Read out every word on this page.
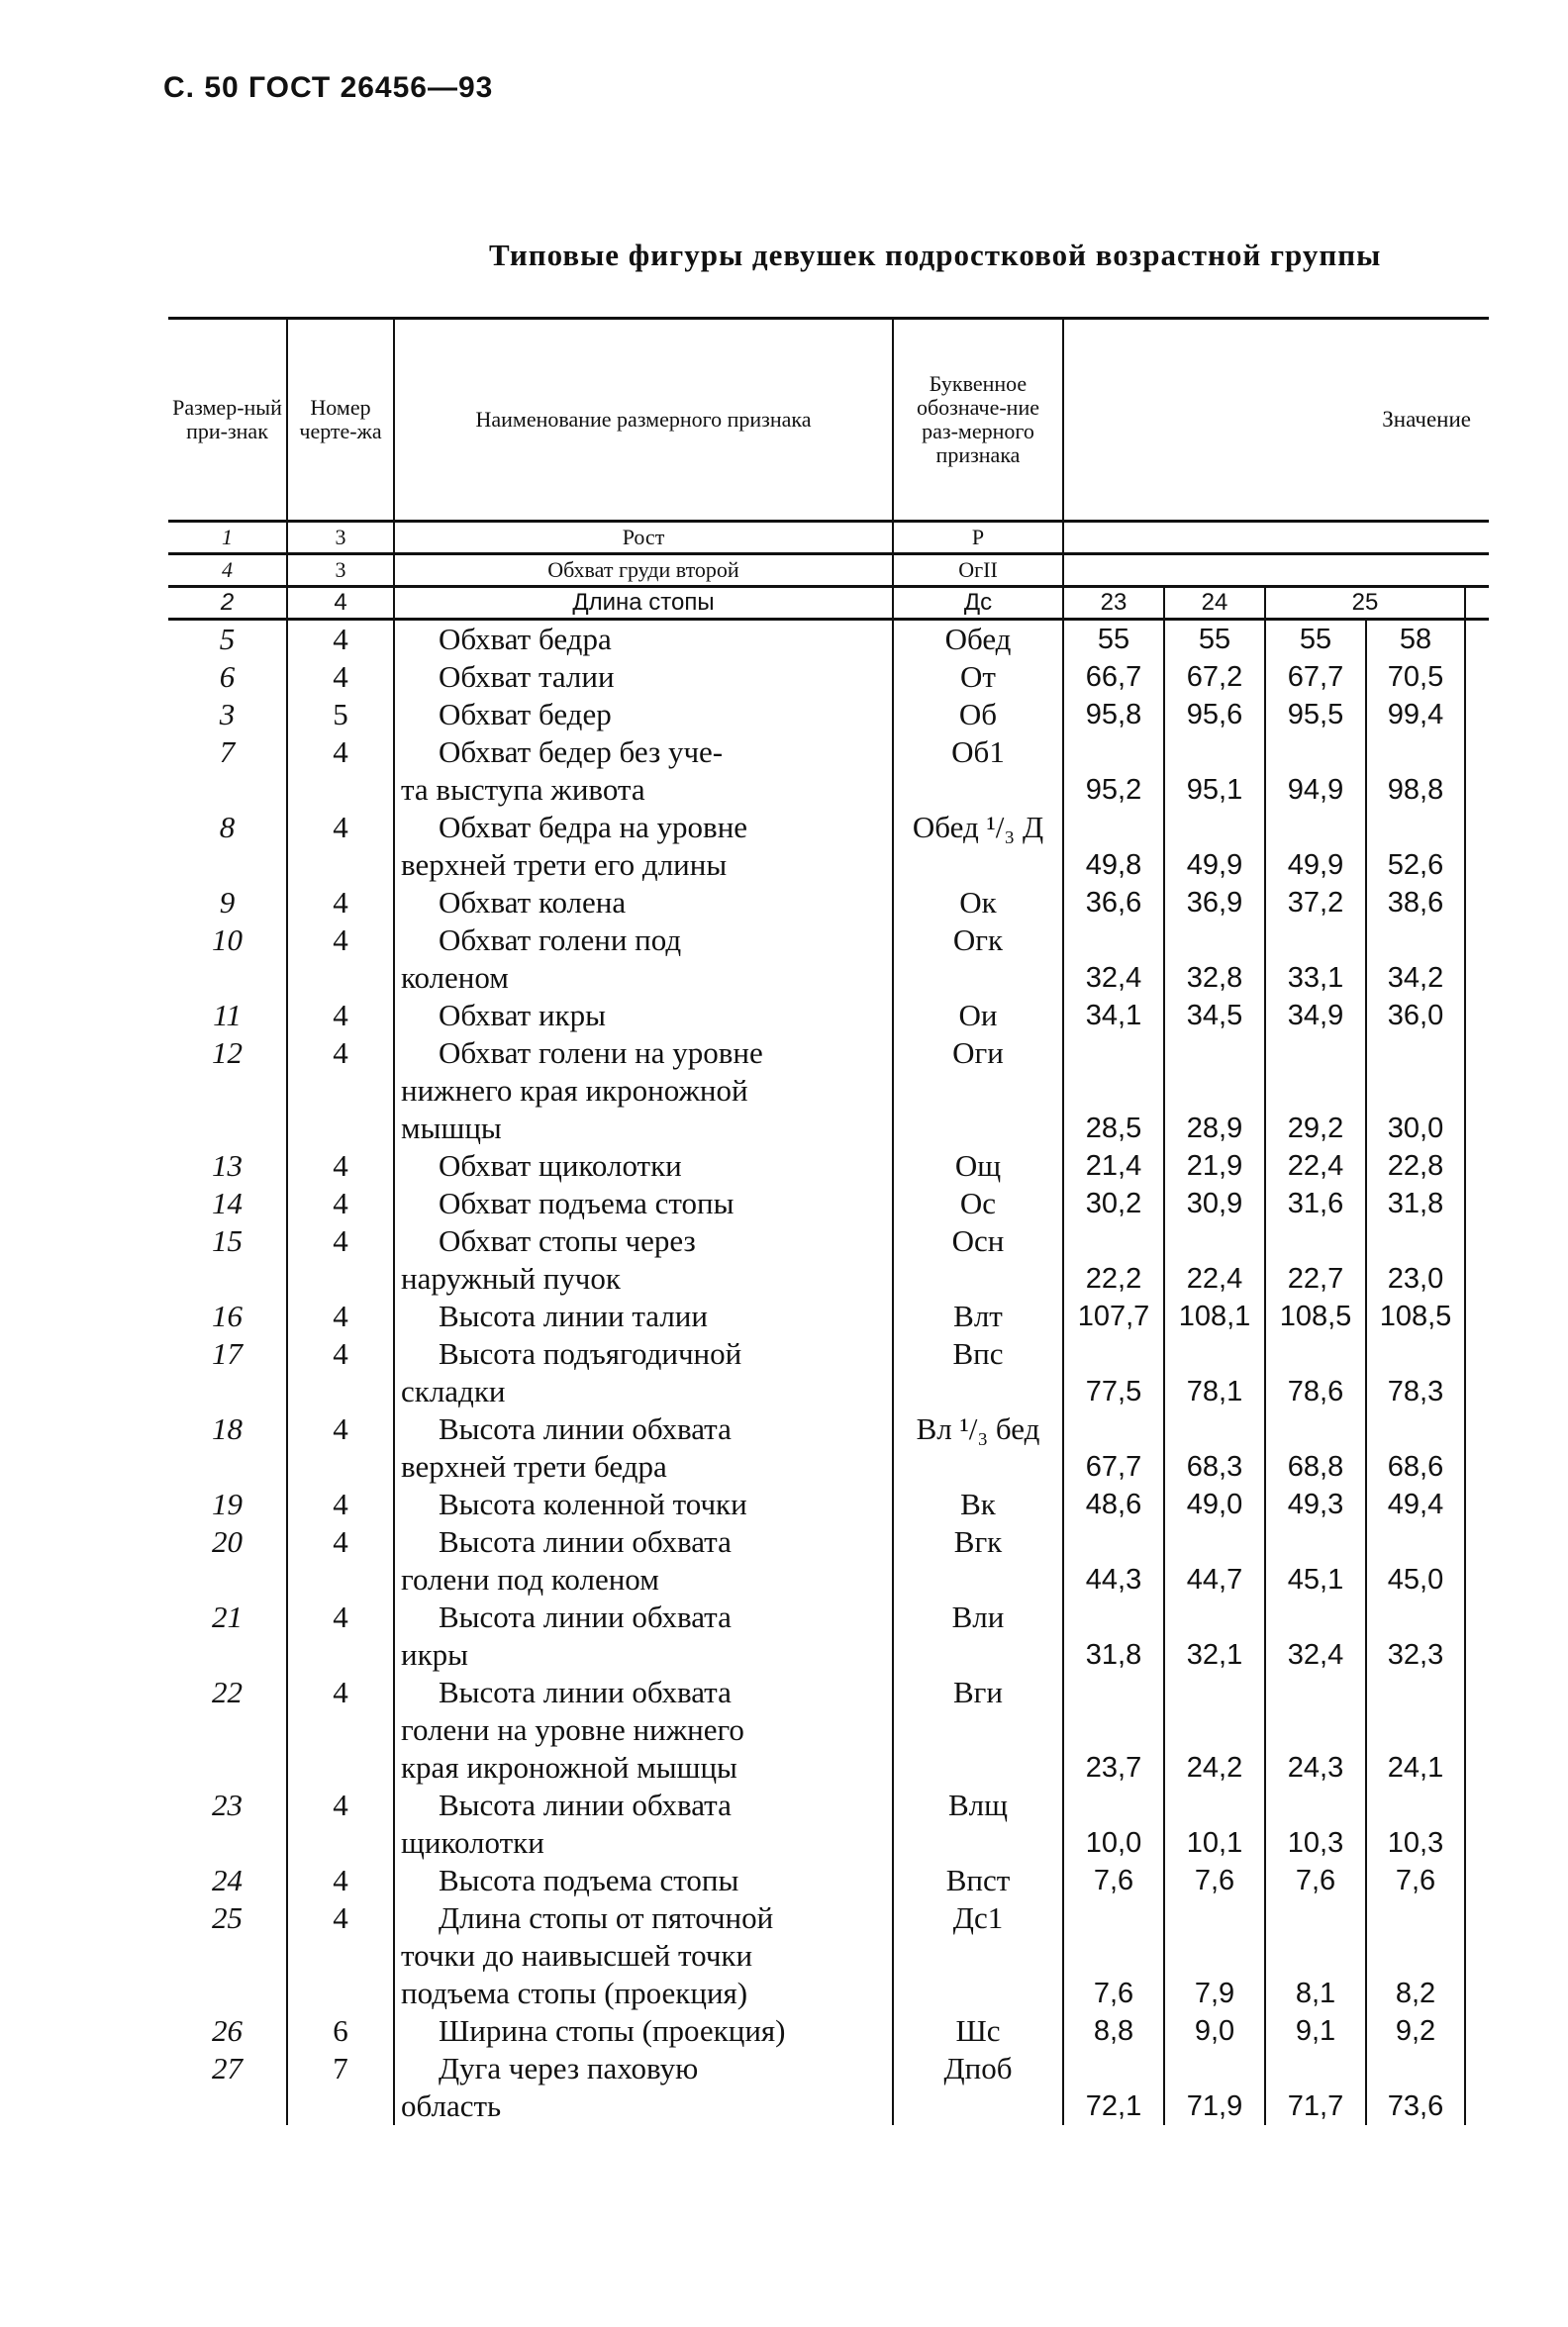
С. 50 ГОСТ 26456—93
Типовые фигуры девушек подростковой возрастной группы
Размер-ный при-знак	Номер черте-жа	Наименование размерного признака	Буквенное обозначе-ние раз-мерного признака	Значение				
1	3	Рост	Р					
4	3	Обхват груди второй	ОгII					
2	4	Длина стопы	Дс	23	24	25		
5	4	Обхват бедра	Обед	55	55	55	58	
6	4	Обхват талии	От	66,7	67,2	67,7	70,5	
3	5	Обхват бедер	Об	95,8	95,6	95,5	99,4	
7	4	Обхват бедер без уче-	Об1					
		та выступа живота		95,2	95,1	94,9	98,8	
8	4	Обхват бедра на уровне	Обед ¹/₃ Д					
		верхней трети его длины		49,8	49,9	49,9	52,6	
9	4	Обхват колена	Ок	36,6	36,9	37,2	38,6	
10	4	Обхват голени под	Огк					
		коленом		32,4	32,8	33,1	34,2	
11	4	Обхват икры	Ои	34,1	34,5	34,9	36,0	
12	4	Обхват голени на уровне	Оги					
		нижнего края икроножной						
		мышцы		28,5	28,9	29,2	30,0	
13	4	Обхват щиколотки	Ощ	21,4	21,9	22,4	22,8	
14	4	Обхват подъема стопы	Ос	30,2	30,9	31,6	31,8	
15	4	Обхват стопы через	Осн					
		наружный пучок		22,2	22,4	22,7	23,0	
16	4	Высота линии талии	Влт	107,7	108,1	108,5	108,5	
17	4	Высота подъягодичной	Впс					
		складки		77,5	78,1	78,6	78,3	
18	4	Высота линии обхвата	Вл ¹/₃ бед					
		верхней трети бедра		67,7	68,3	68,8	68,6	
19	4	Высота коленной точки	Вк	48,6	49,0	49,3	49,4	
20	4	Высота линии обхвата	Вгк					
		голени под коленом		44,3	44,7	45,1	45,0	
21	4	Высота линии обхвата	Вли					
		икры		31,8	32,1	32,4	32,3	
22	4	Высота линии обхвата	Вги					
		голени на уровне нижнего						
		края икроножной мышцы		23,7	24,2	24,3	24,1	
23	4	Высота линии обхвата	Влщ					
		щиколотки		10,0	10,1	10,3	10,3	
24	4	Высота подъема стопы	Впст	7,6	7,6	7,6	7,6	
25	4	Длина стопы от пяточной	Дс1					
		точки до наивысшей точки						
		подъема стопы (проекция)		7,6	7,9	8,1	8,2	
26	6	Ширина стопы (проекция)	Шс	8,8	9,0	9,1	9,2	
27	7	Дуга через паховую	Дпоб					
		область		72,1	71,9	71,7	73,6	
